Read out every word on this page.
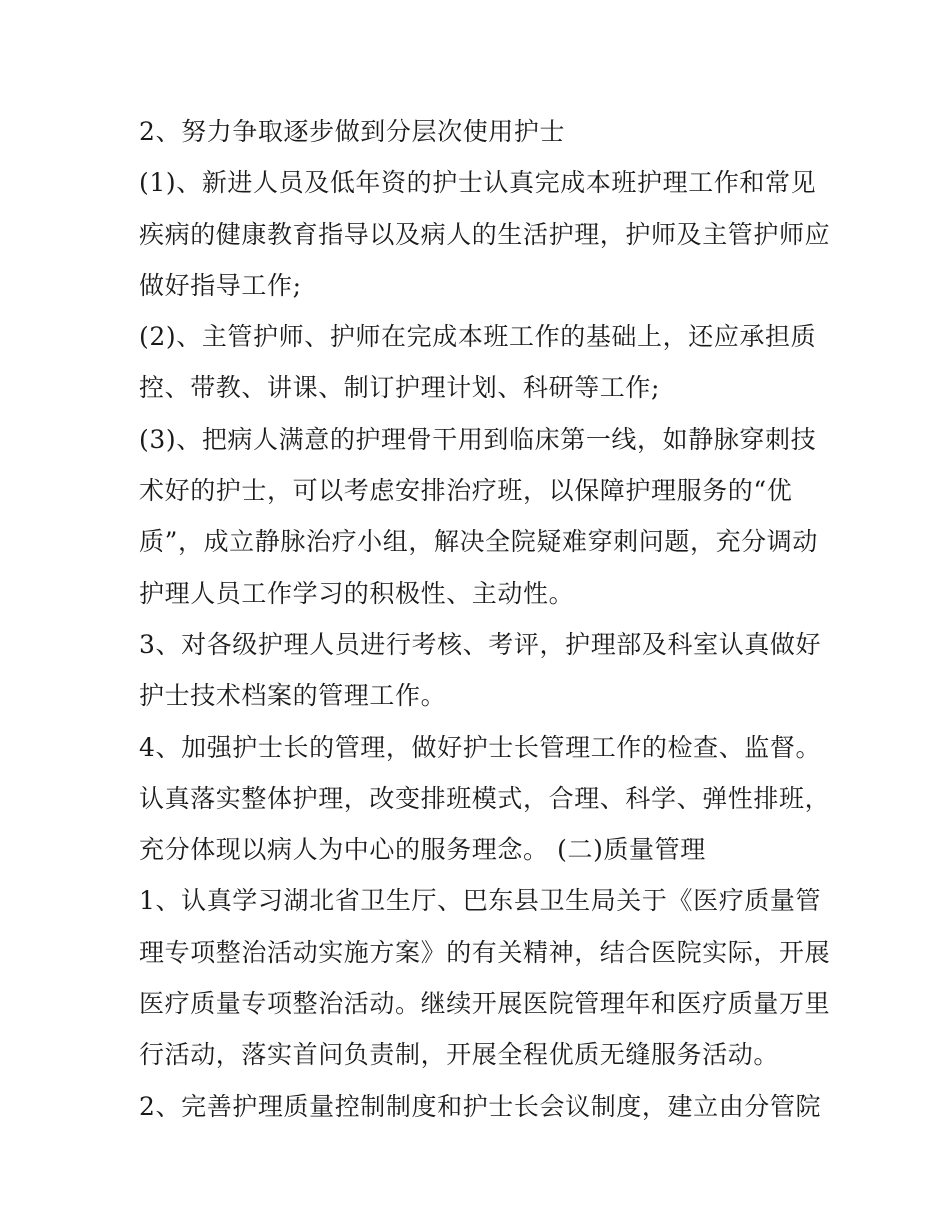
2、努力争取逐步做到分层次使用护士
(1)、新进人员及低年资的护士认真完成本班护理工作和常见
疾病的健康教育指导以及病人的生活护理，护师及主管护师应
做好指导工作;
(2)、主管护师、护师在完成本班工作的基础上，还应承担质
控、带教、讲课、制订护理计划、科研等工作;
(3)、把病人满意的护理骨干用到临床第一线，如静脉穿刺技
术好的护士，可以考虑安排治疗班，以保障护理服务的“优
质”，成立静脉治疗小组，解决全院疑难穿刺问题，充分调动
护理人员工作学习的积极性、主动性。
3、对各级护理人员进行考核、考评，护理部及科室认真做好
护士技术档案的管理工作。
4、加强护士长的管理，做好护士长管理工作的检查、监督。
认真落实整体护理，改变排班模式，合理、科学、弹性排班，
充分体现以病人为中心的服务理念。 (二)质量管理
1、认真学习湖北省卫生厅、巴东县卫生局关于《医疗质量管
理专项整治活动实施方案》的有关精神，结合医院实际，开展
医疗质量专项整治活动。继续开展医院管理年和医疗质量万里
行活动，落实首问负责制，开展全程优质无缝服务活动。
2、完善护理质量控制制度和护士长会议制度，建立由分管院
